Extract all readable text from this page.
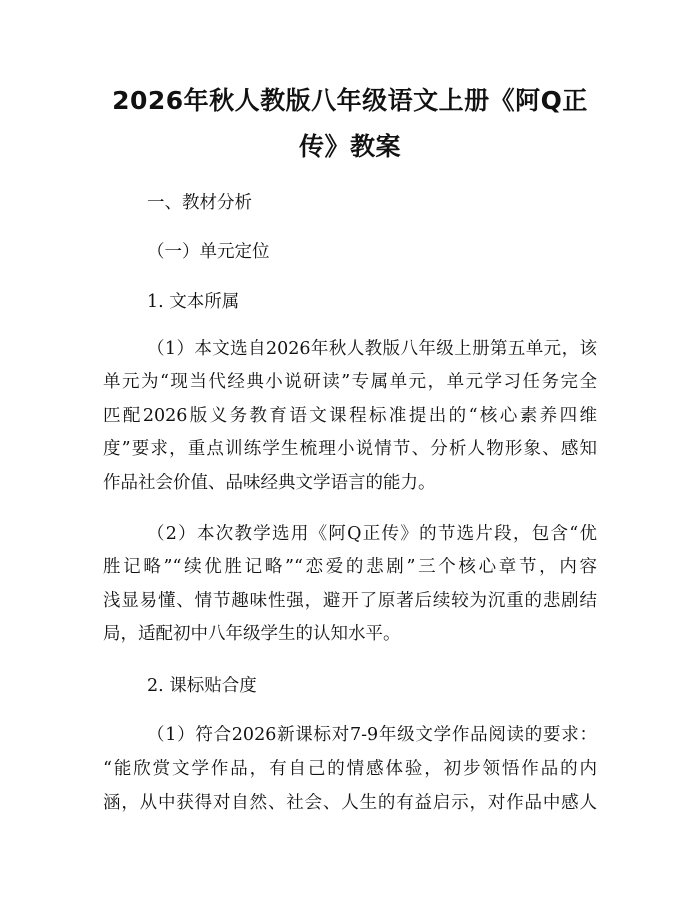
2026年秋人教版八年级语文上册《阿Q正
传》教案

一、教材分析

（一）单元定位

1. 文本所属

（1）本文选自2026年秋人教版八年级上册第五单元，该

单元为“现当代经典小说研读”专属单元，单元学习任务完全

匹配2026版义务教育语文课程标准提出的“核心素养四维

度”要求，重点训练学生梳理小说情节、分析人物形象、感知

作品社会价值、品味经典文学语言的能力。

（2）本次教学选用《阿Q正传》的节选片段，包含“优

胜记略”“续优胜记略”“恋爱的悲剧”三个核心章节，内容

浅显易懂、情节趣味性强，避开了原著后续较为沉重的悲剧结

局，适配初中八年级学生的认知水平。

2. 课标贴合度

（1）符合2026新课标对7-9年级文学作品阅读的要求：

“能欣赏文学作品，有自己的情感体验，初步领悟作品的内

涵，从中获得对自然、社会、人生的有益启示，对作品中感人
